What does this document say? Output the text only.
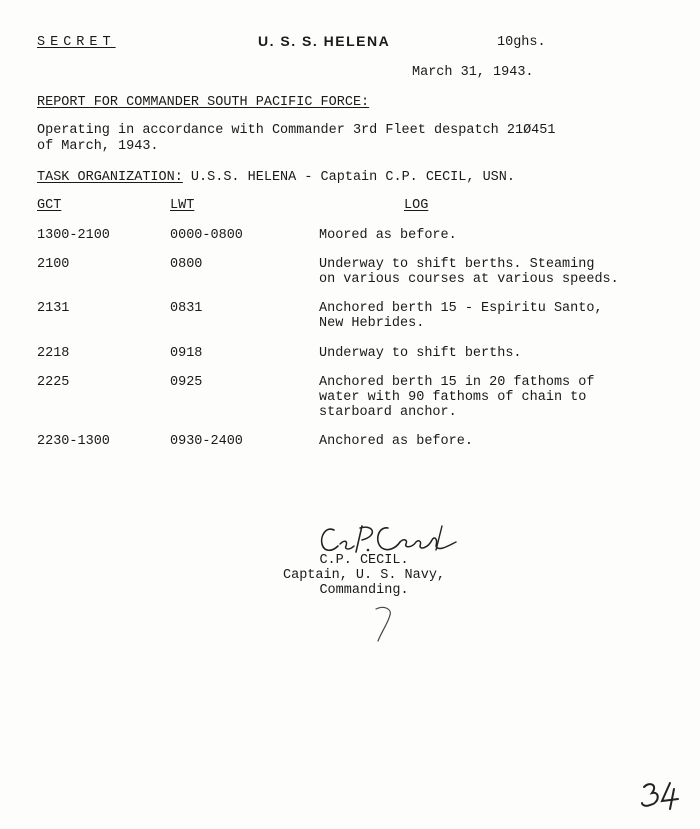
SECRET	U. S. S. HELENA	10ghs.
March 31, 1943.
REPORT FOR COMMANDER SOUTH PACIFIC FORCE:
Operating in accordance with Commander 3rd Fleet despatch 21Ø451
of March, 1943.
TASK ORGANIZATION: U.S.S. HELENA - Captain C.P. CECIL, USN.
GCT	LWT	LOG
1300-2100	0000-0800	Moored as before.
2100	0800	Underway to shift berths. Steaming
on various courses at various speeds.
2131	0831	Anchored berth 15 - Espiritu Santo,
New Hebrides.
2218	0918	Underway to shift berths.
2225	0925	Anchored berth 15 in 20 fathoms of
water with 90 fathoms of chain to
starboard anchor.
2230-1300	0930-2400	Anchored as before.
C.P. CECIL.
Captain, U. S. Navy,
Commanding.
